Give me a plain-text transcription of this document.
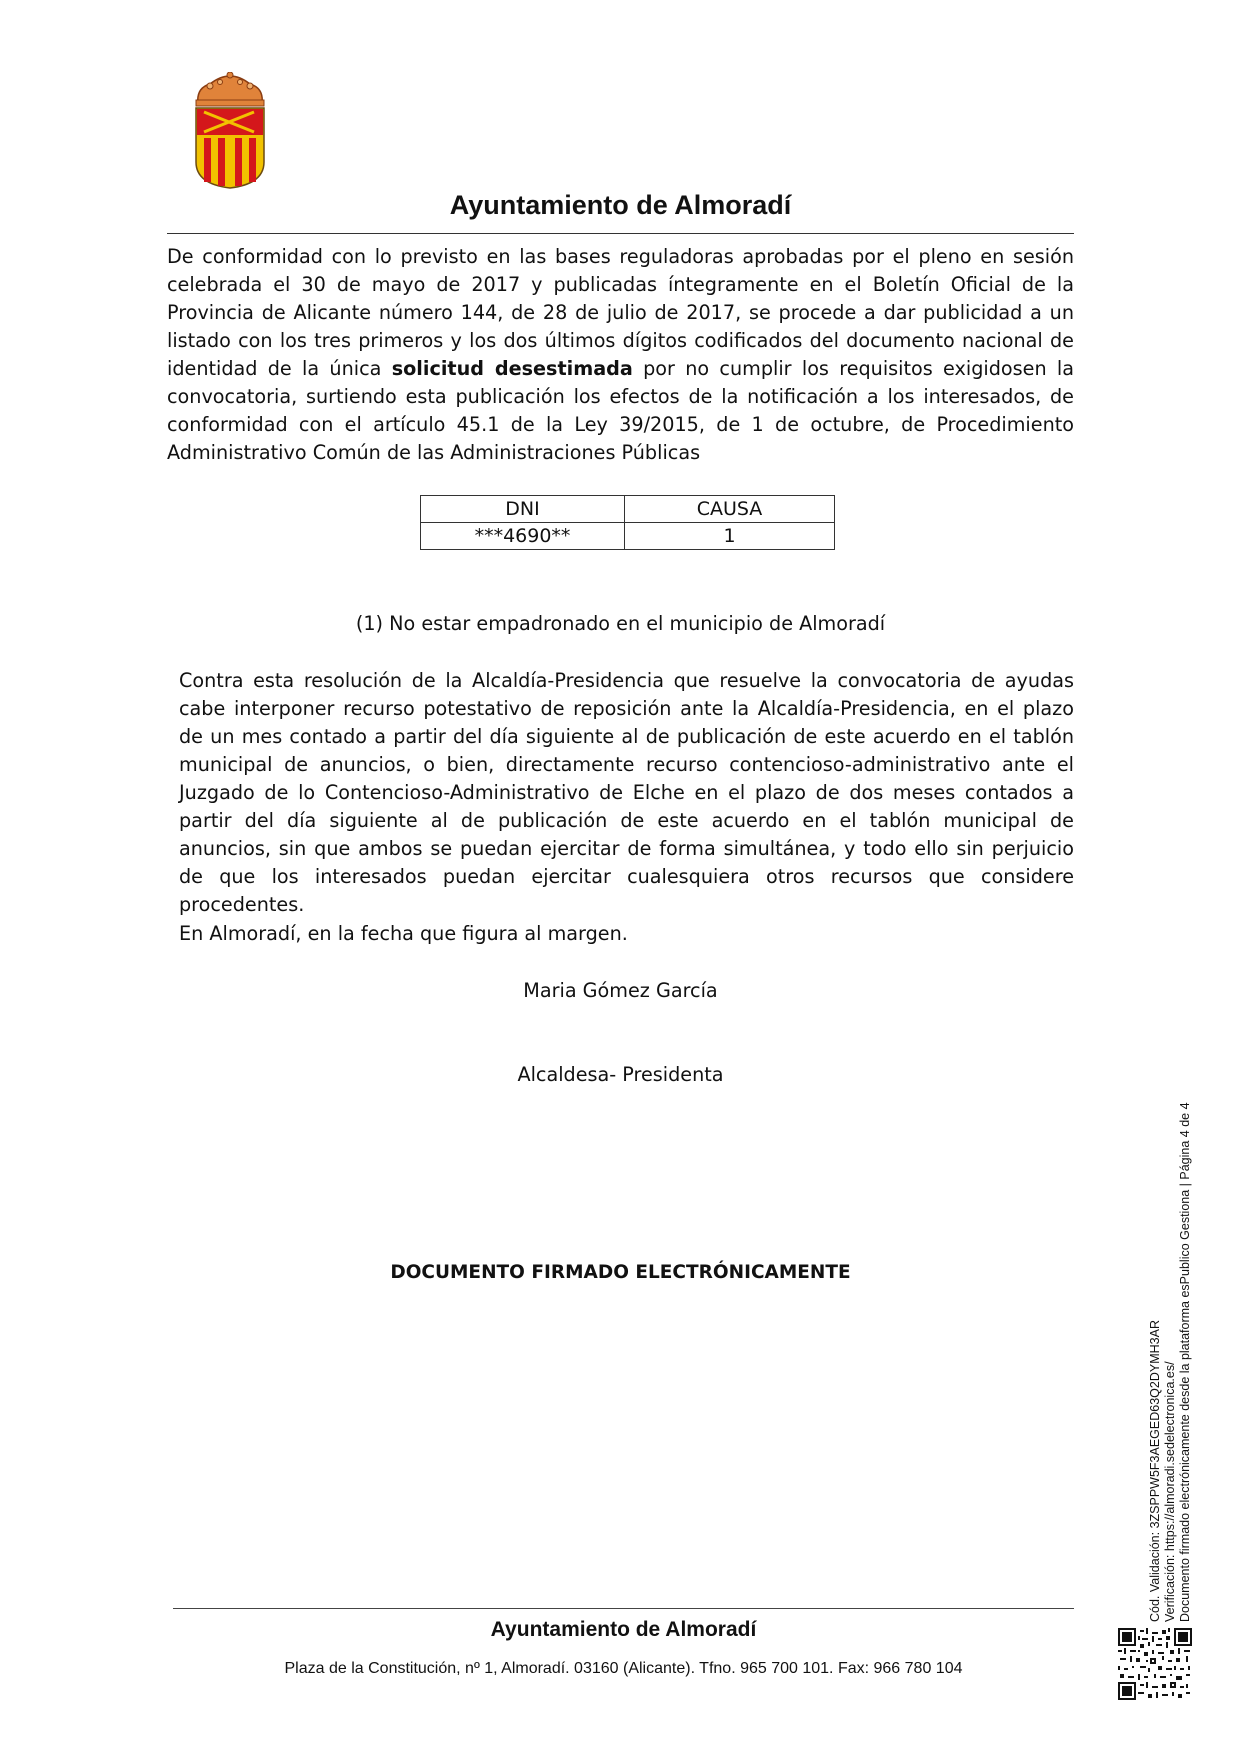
Ayuntamiento de Almoradí
De conformidad con lo previsto en las bases reguladoras aprobadas por el pleno en sesión celebrada el 30 de mayo de 2017 y publicadas íntegramente en el Boletín Oficial de la Provincia de Alicante número 144, de 28 de julio de 2017, se procede a dar publicidad a un listado con los tres primeros y los dos últimos dígitos codificados del documento nacional de identidad de la única solicitud desestimada por no cumplir los requisitos exigidosen la convocatoria, surtiendo esta publicación los efectos de la notificación a los interesados, de conformidad con el artículo 45.1 de la Ley 39/2015, de 1 de octubre, de Procedimiento Administrativo Común de las Administraciones Públicas
DNI	CAUSA
***4690**	1
(1) No estar empadronado en el municipio de Almoradí
Contra esta resolución de la Alcaldía-Presidencia que resuelve la convocatoria de ayudas cabe interponer recurso potestativo de reposición ante la Alcaldía-Presidencia, en el plazo de un mes contado a partir del día siguiente al de publicación de este acuerdo en el tablón municipal de anuncios, o bien, directamente recurso contencioso-administrativo ante el Juzgado de lo Contencioso-Administrativo de Elche en el plazo de dos meses contados a partir del día siguiente al de publicación de este acuerdo en el tablón municipal de anuncios, sin que ambos se puedan ejercitar de forma simultánea, y todo ello sin perjuicio de que los interesados puedan ejercitar cualesquiera otros recursos que considere procedentes.
En Almoradí, en la fecha que figura al margen.
Maria Gómez García
Alcaldesa- Presidenta
DOCUMENTO FIRMADO ELECTRÓNICAMENTE
Ayuntamiento de Almoradí
Plaza de la Constitución, nº 1, Almoradí. 03160 (Alicante). Tfno. 965 700 101. Fax: 966 780 104
Cód. Validación: 3ZSPPW5F3AEGED63Q2DYMH3AR Verificación: https://almoradi.sedelectronica.es/ Documento firmado electrónicamente desde la plataforma esPublico Gestiona | Página 4 de 4
